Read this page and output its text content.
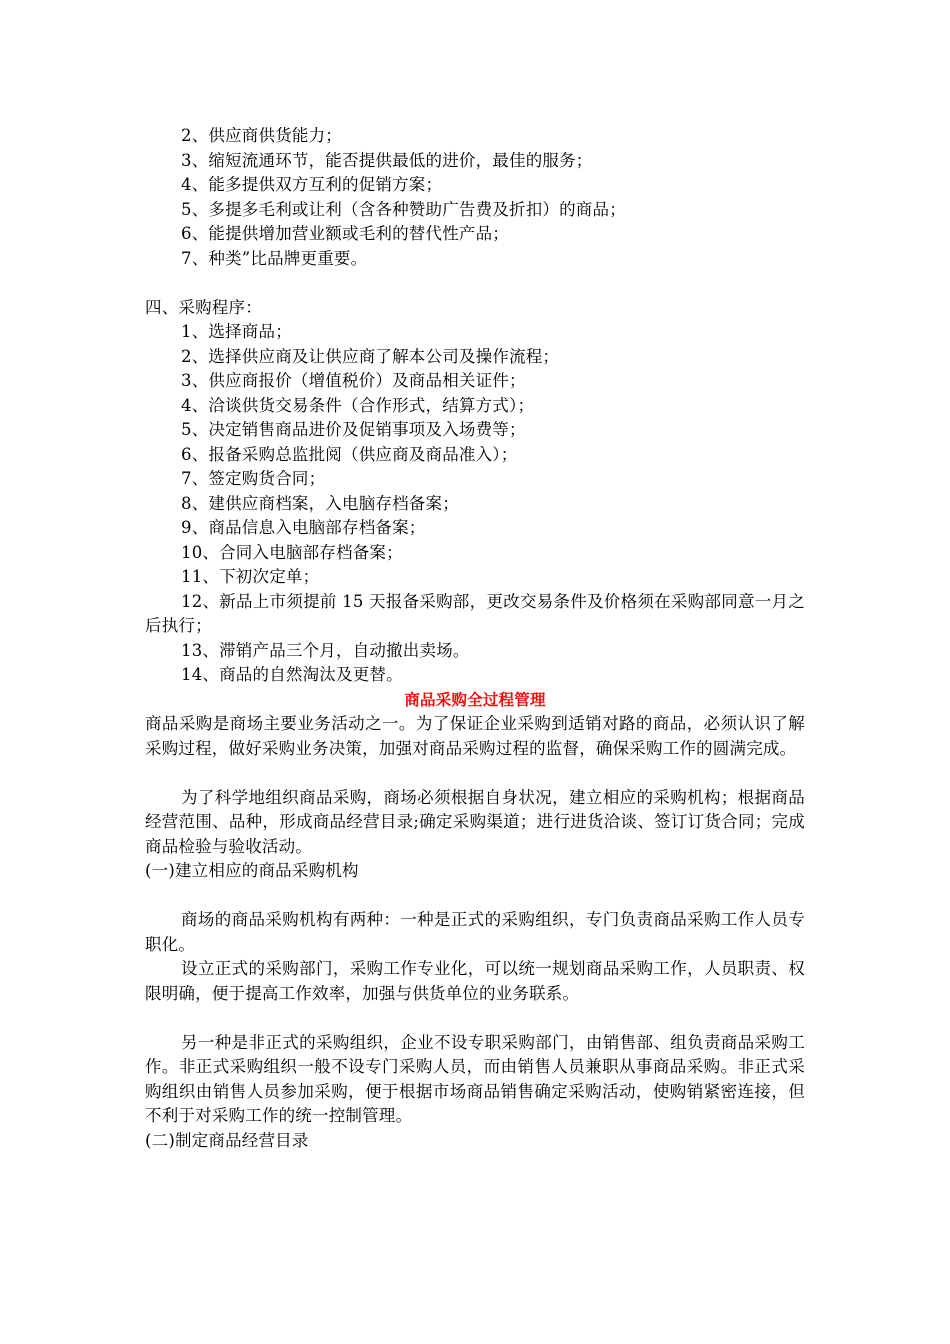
2、供应商供货能力；

3、缩短流通环节，能否提供最低的进价，最佳的服务；

4、能多提供双方互利的促销方案；

5、多提多毛利或让利（含各种赞助广告费及折扣）的商品；

6、能提供增加营业额或毛利的替代性产品；

7、种类”比品牌更重要。

四、采购程序：

1、选择商品；

2、选择供应商及让供应商了解本公司及操作流程；

3、供应商报价（增值税价）及商品相关证件；

4、洽谈供货交易条件（合作形式，结算方式）；

5、决定销售商品进价及促销事项及入场费等；

6、报备采购总监批阅（供应商及商品准入）；

7、签定购货合同；

8、建供应商档案，入电脑存档备案；

9、商品信息入电脑部存档备案；

10、合同入电脑部存档备案；

11、下初次定单；

12、新品上市须提前 15 天报备采购部，更改交易条件及价格须在采购部同意一月之后执行；

13、滞销产品三个月，自动撤出卖场。

14、商品的自然淘汰及更替。

商品采购全过程管理

商品采购是商场主要业务活动之一。为了保证企业采购到适销对路的商品，必须认识了解采购过程，做好采购业务决策，加强对商品采购过程的监督，确保采购工作的圆满完成。

为了科学地组织商品采购，商场必须根据自身状况，建立相应的采购机构；根据商品经营范围、品种，形成商品经营目录;确定采购渠道；进行进货洽谈、签订订货合同；完成商品检验与验收活动。

(一)建立相应的商品采购机构

商场的商品采购机构有两种：一种是正式的采购组织，专门负责商品采购工作人员专职化。

设立正式的采购部门，采购工作专业化，可以统一规划商品采购工作，人员职责、权限明确，便于提高工作效率，加强与供货单位的业务联系。

另一种是非正式的采购组织，企业不设专职采购部门，由销售部、组负责商品采购工作。非正式采购组织一般不设专门采购人员，而由销售人员兼职从事商品采购。非正式采购组织由销售人员参加采购，便于根据市场商品销售确定采购活动，使购销紧密连接，但不利于对采购工作的统一控制管理。

(二)制定商品经营目录
